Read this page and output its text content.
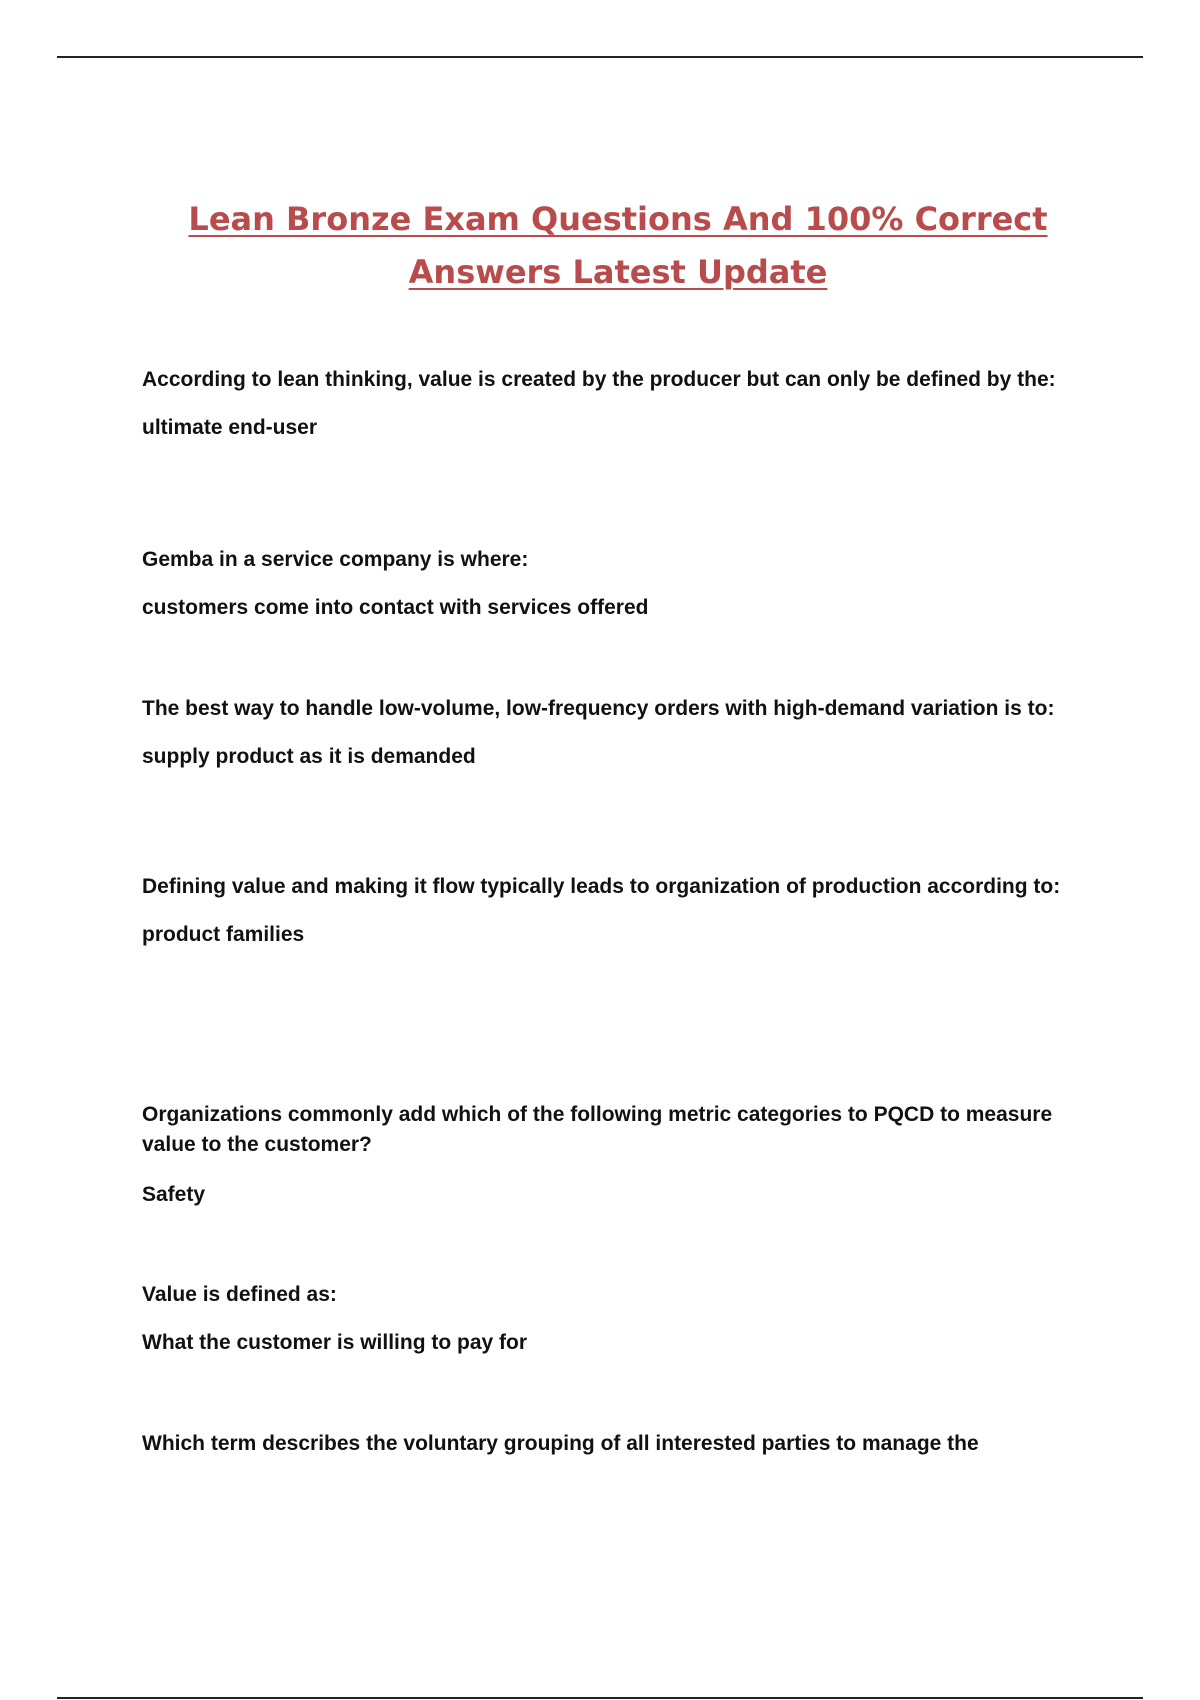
Lean Bronze Exam Questions And 100% Correct Answers Latest Update

According to lean thinking, value is created by the producer but can only be defined by the:

ultimate end-user

Gemba in a service company is where:

customers come into contact with services offered

The best way to handle low-volume, low-frequency orders with high-demand variation is to:

supply product as it is demanded

Defining value and making it flow typically leads to organization of production according to:

product families

Organizations commonly add which of the following metric categories to PQCD to measure value to the customer?

Safety

Value is defined as:

What the customer is willing to pay for

Which term describes the voluntary grouping of all interested parties to manage the
